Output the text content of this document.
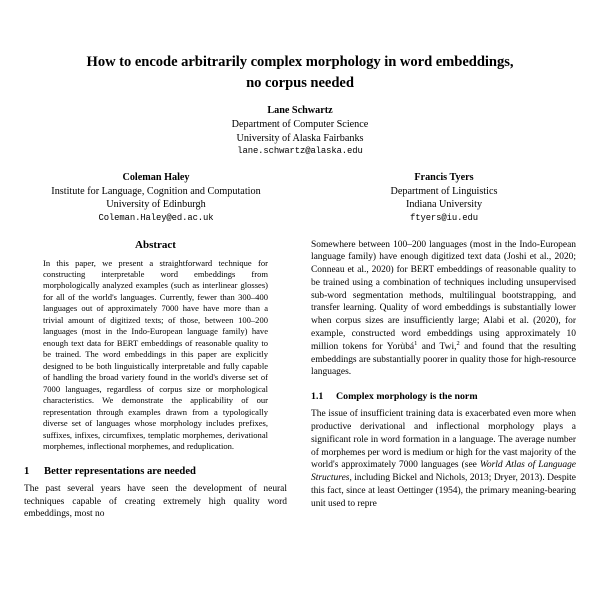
How to encode arbitrarily complex morphology in word embeddings,
no corpus needed
Lane Schwartz
Department of Computer Science
University of Alaska Fairbanks
lane.schwartz@alaska.edu
Coleman Haley
Institute for Language, Cognition and Computation
University of Edinburgh
Coleman.Haley@ed.ac.uk
Francis Tyers
Department of Linguistics
Indiana University
ftyers@iu.edu
Abstract

In this paper, we present a straightforward technique for constructing interpretable word embeddings from morphologically analyzed examples (such as interlinear glosses) for all of the world's languages. Currently, fewer than 300–400 languages out of approximately 7000 have have more than a trivial amount of digitized texts; of those, between 100–200 languages (most in the Indo-European language family) have enough text data for BERT embeddings of reasonable quality to be trained. The word embeddings in this paper are explicitly designed to be both linguistically interpretable and fully capable of handling the broad variety found in the world's diverse set of 7000 languages, regardless of corpus size or morphological characteristics. We demonstrate the applicability of our representation through examples drawn from a typologically diverse set of languages whose morphology includes prefixes, suffixes, infixes, circumfixes, templatic morphemes, derivational morphemes, inflectional morphemes, and reduplication.

1	Better representations are needed

The past several years have seen the development of neural techniques capable of creating extremely high quality word embeddings, most no

Somewhere between 100–200 languages (most in the Indo-European language family) have enough digitized text data (Joshi et al., 2020; Conneau et al., 2020) for BERT embeddings of reasonable quality to be trained using a combination of techniques including unsupervised sub-word segmentation methods, multilingual bootstrapping, and transfer learning. Quality of word embeddings is substantially lower when corpus sizes are insufficiently large; Alabi et al. (2020), for example, constructed word embeddings using approximately 10 million tokens for Yorùbá$^1$ and Twi,$^2$ and found that the resulting embeddings are substantially poorer in quality those for high-resource languages.

1.1	Complex morphology is the norm

The issue of insufficient training data is exacerbated even more when productive derivational and inflectional morphology plays a significant role in word formation in a language. The average number of morphemes per word is medium or high for the vast majority of the world's approximately 7000 languages (see World Atlas of Language Structures, including Bickel and Nichols, 2013; Dryer, 2013). Despite this fact, since at least Oettinger (1954), the primary meaning-bearing unit used to repre
